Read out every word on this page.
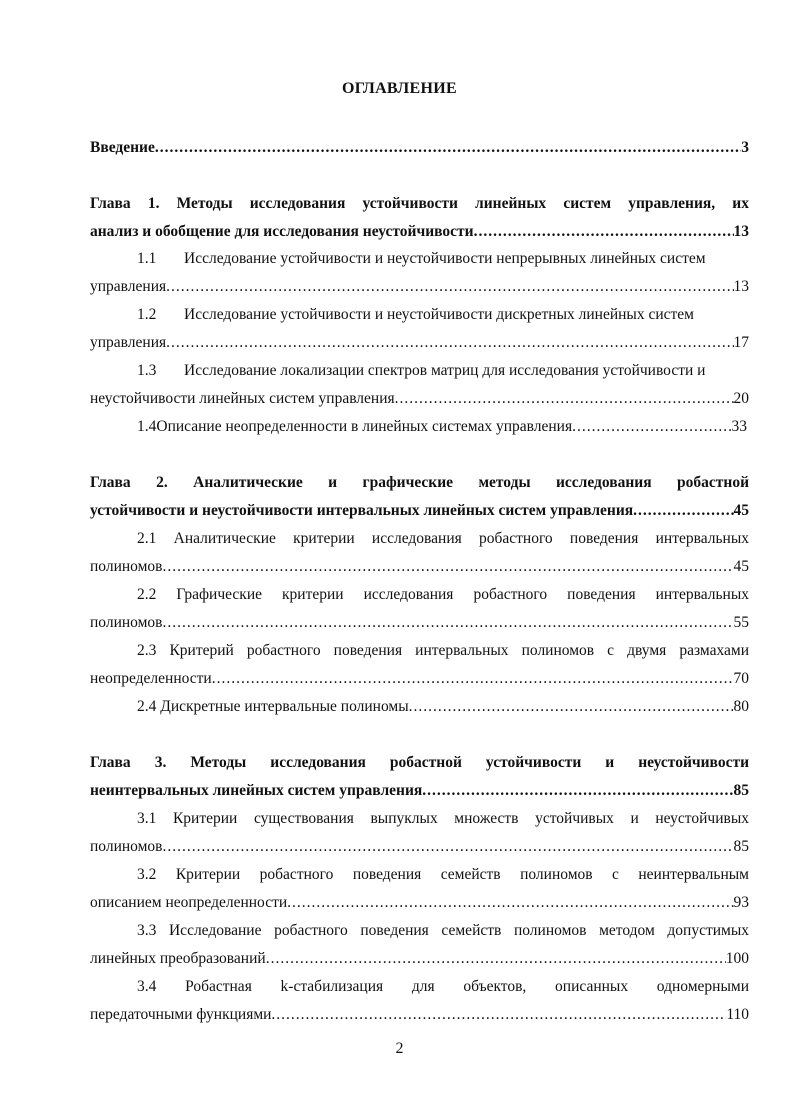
ОГЛАВЛЕНИЕ
Введение .....	3
Глава 1. Методы исследования устойчивости линейных систем управления, их
анализ и обобщение для исследования неустойчивости .....	13
1.1 Исследование устойчивости и неустойчивости непрерывных линейных систем
управления .....	13
1.2 Исследование устойчивости и неустойчивости дискретных линейных систем
управления .....	17
1.3 Исследование локализации спектров матриц для исследования устойчивости и
неустойчивости линейных систем управления .....	20
1.4 Описание неопределенности в линейных системах управления .....	33
Глава 2. Аналитические и графические методы исследования робастной
устойчивости и неустойчивости интервальных линейных систем управления .....	45
2.1 Аналитические критерии исследования робастного поведения интервальных
полиномов .....	45
2.2 Графические критерии исследования робастного поведения интервальных
полиномов .....	55
2.3 Критерий робастного поведения интервальных полиномов с двумя размахами
неопределенности .....	70
2.4 Дискретные интервальные полиномы .....	80
Глава 3. Методы исследования робастной устойчивости и неустойчивости
неинтервальных линейных систем управления .....	85
3.1 Критерии существования выпуклых множеств устойчивых и неустойчивых
полиномов .....	85
3.2 Критерии робастного поведения семейств полиномов с неинтервальным
описанием неопределенности .....	93
3.3 Исследование робастного поведения семейств полиномов методом допустимых
линейных преобразований .....	100
3.4 Робастная k-стабилизация для объектов, описанных одномерными
передаточными функциями .....	110
2
